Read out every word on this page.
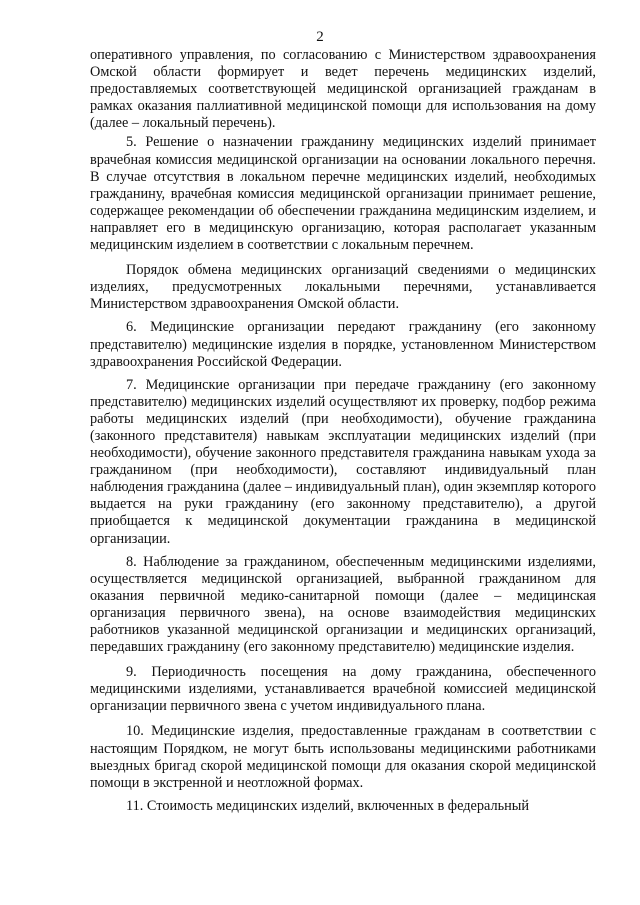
2

оперативного управления, по согласованию с Министерством здравоохранения Омской области формирует и ведет перечень медицинских изделий, предоставляемых соответствующей медицинской организацией гражданам в рамках оказания паллиативной медицинской помощи для использования на дому (далее – локальный перечень).

5. Решение о назначении гражданину медицинских изделий принимает врачебная комиссия медицинской организации на основании локального перечня. В случае отсутствия в локальном перечне медицинских изделий, необходимых гражданину, врачебная комиссия медицинской организации принимает решение, содержащее рекомендации об обеспечении гражданина медицинским изделием, и направляет его в медицинскую организацию, которая располагает указанным медицинским изделием в соответствии с локальным перечнем.

Порядок обмена медицинских организаций сведениями о медицинских изделиях, предусмотренных локальными перечнями, устанавливается Министерством здравоохранения Омской области.

6. Медицинские организации передают гражданину (его законному представителю) медицинские изделия в порядке, установленном Министерством здравоохранения Российской Федерации.

7. Медицинские организации при передаче гражданину (его законному представителю) медицинских изделий осуществляют их проверку, подбор режима работы медицинских изделий (при необходимости), обучение гражданина (законного представителя) навыкам эксплуатации медицинских изделий (при необходимости), обучение законного представителя гражданина навыкам ухода за гражданином (при необходимости), составляют индивидуальный план наблюдения гражданина (далее – индивидуальный план), один экземпляр которого выдается на руки гражданину (его законному представителю), а другой приобщается к медицинской документации гражданина в медицинской организации.

8. Наблюдение за гражданином, обеспеченным медицинскими изделиями, осуществляется медицинской организацией, выбранной гражданином для оказания первичной медико-санитарной помощи (далее – медицинская организация первичного звена), на основе взаимодействия медицинских работников указанной медицинской организации и медицинских организаций, передавших гражданину (его законному представителю) медицинские изделия.

9. Периодичность посещения на дому гражданина, обеспеченного медицинскими изделиями, устанавливается врачебной комиссией медицинской организации первичного звена с учетом индивидуального плана.

10. Медицинские изделия, предоставленные гражданам в соответствии с настоящим Порядком, не могут быть использованы медицинскими работниками выездных бригад скорой медицинской помощи для оказания скорой медицинской помощи в экстренной и неотложной формах.

11. Стоимость медицинских изделий, включенных в федеральный
